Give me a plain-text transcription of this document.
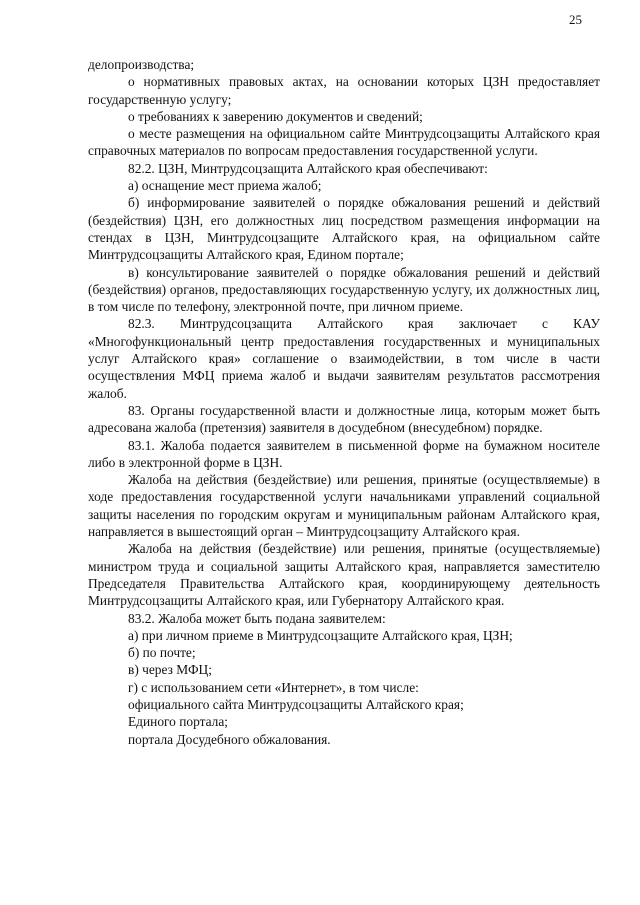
25

делопроизводства;

о нормативных правовых актах, на основании которых ЦЗН предоставляет государственную услугу;

о требованиях к заверению документов и сведений;

о месте размещения на официальном сайте Минтрудсоцзащиты Алтайского края справочных материалов по вопросам предоставления государственной услуги.

82.2. ЦЗН, Минтрудсоцзащита Алтайского края обеспечивают:

а) оснащение мест приема жалоб;

б) информирование заявителей о порядке обжалования решений и действий (бездействия) ЦЗН, его должностных лиц посредством размещения информации на стендах в ЦЗН, Минтрудсоцзащите Алтайского края, на официальном сайте Минтрудсоцзащиты Алтайского края, Едином портале;

в) консультирование заявителей о порядке обжалования решений и действий (бездействия) органов, предоставляющих государственную услугу, их должностных лиц, в том числе по телефону, электронной почте, при личном приеме.

82.3. Минтрудсоцзащита Алтайского края заключает с КАУ «Многофункциональный центр предоставления государственных и муниципальных услуг Алтайского края» соглашение о взаимодействии, в том числе в части осуществления МФЦ приема жалоб и выдачи заявителям результатов рассмотрения жалоб.

83. Органы государственной власти и должностные лица, которым может быть адресована жалоба (претензия) заявителя в досудебном (внесудебном) порядке.

83.1. Жалоба подается заявителем в письменной форме на бумажном носителе либо в электронной форме в ЦЗН.

Жалоба на действия (бездействие) или решения, принятые (осуществляемые) в ходе предоставления государственной услуги начальниками управлений социальной защиты населения по городским округам и муниципальным районам Алтайского края, направляется в вышестоящий орган – Минтрудсоцзащиту Алтайского края.

Жалоба на действия (бездействие) или решения, принятые (осуществляемые) министром труда и социальной защиты Алтайского края, направляется заместителю Председателя Правительства Алтайского края, координирующему деятельность Минтрудсоцзащиты Алтайского края, или Губернатору Алтайского края.

83.2. Жалоба может быть подана заявителем:

а) при личном приеме в Минтрудсоцзащите Алтайского края, ЦЗН;

б) по почте;

в) через МФЦ;

г) с использованием сети «Интернет», в том числе:

официального сайта Минтрудсоцзащиты Алтайского края;

Единого портала;

портала Досудебного обжалования.
